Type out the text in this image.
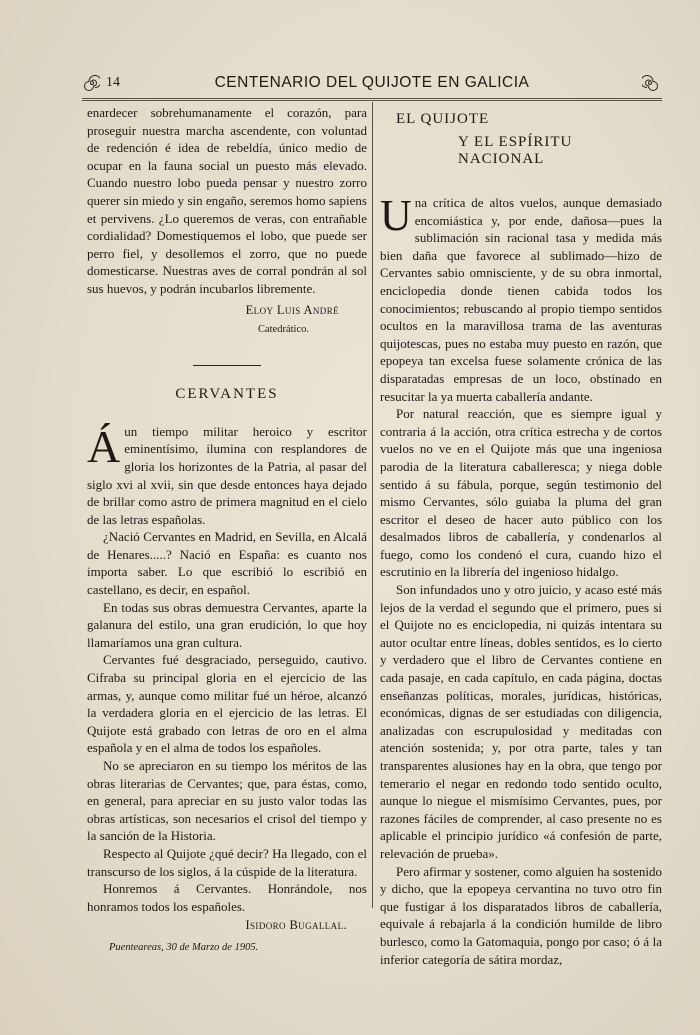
14	CENTENARIO DEL QUIJOTE EN GALICIA

enardecer sobrehumanamente el corazón, para proseguir nuestra marcha ascendente, con voluntad de redención é idea de rebeldía, único medio de ocupar en la fauna social un puesto más elevado. Cuando nuestro lobo pueda pensar y nuestro zorro querer sin miedo y sin engaño, seremos homo sapiens et pervivens. ¿Lo queremos de veras, con entrañable cordialidad? Domestiquemos el lobo, que puede ser perro fiel, y desollemos el zorro, que no puede domesticarse. Nuestras aves de corral pondrán al sol sus huevos, y podrán incubarlos libremente.

Eloy Luis André

Catedrático.

CERVANTES
Á un tiempo militar heroico y escritor eminentísimo, ilumina con resplandores de gloria los horizontes de la Patria, al pasar del siglo xvi al xvii, sin que desde entonces haya dejado de brillar como astro de primera magnitud en el cielo de las letras españolas.

¿Nació Cervantes en Madrid, en Sevilla, en Alcalá de Henares.....? Nació en España: es cuanto nos importa saber. Lo que escribió lo escribió en castellano, es decir, en español.

En todas sus obras demuestra Cervantes, aparte la galanura del estilo, una gran erudición, lo que hoy llamaríamos una gran cultura.

Cervantes fué desgraciado, perseguido, cautivo. Cifraba su principal gloria en el ejercicio de las armas, y, aunque como militar fué un héroe, alcanzó la verdadera gloria en el ejercicio de las letras. El Quijote está grabado con letras de oro en el alma española y en el alma de todos los españoles.

No se apreciaron en su tiempo los méritos de las obras literarias de Cervantes; que, para éstas, como, en general, para apreciar en su justo valor todas las obras artísticas, son necesarios el crisol del tiempo y la sanción de la Historia.

Respecto al Quijote ¿qué decir? Ha llegado, con el transcurso de los siglos, á la cúspide de la literatura.

Honremos á Cervantes. Honrándole, nos honramos todos los españoles.

Isidoro Bugallal.

Puenteareas, 30 de Marzo de 1905.

EL QUIJOTE
Y EL ESPÍRITU NACIONAL
U na crítica de altos vuelos, aunque demasiado encomiástica y, por ende, dañosa—pues la sublimación sin racional tasa y medida más bien daña que favorece al sublimado—hizo de Cervantes sabio omnisciente, y de su obra inmortal, enciclopedia donde tienen cabida todos los conocimientos; rebuscando al propio tiempo sentidos ocultos en la maravillosa trama de las aventuras quijotescas, pues no estaba muy puesto en razón, que epopeya tan excelsa fuese solamente crónica de las disparatadas empresas de un loco, obstinado en resucitar la ya muerta caballería andante.

Por natural reacción, que es siempre igual y contraria á la acción, otra crítica estrecha y de cortos vuelos no ve en el Quijote más que una ingeniosa parodia de la literatura caballeresca; y niega doble sentido á su fábula, porque, según testimonio del mismo Cervantes, sólo guiaba la pluma del gran escritor el deseo de hacer auto público con los desalmados libros de caballería, y condenarlos al fuego, como los condenó el cura, cuando hizo el escrutinio en la librería del ingenioso hidalgo.

Son infundados uno y otro juicio, y acaso esté más lejos de la verdad el segundo que el primero, pues si el Quijote no es enciclopedia, ni quizás intentara su autor ocultar entre líneas, dobles sentidos, es lo cierto y verdadero que el libro de Cervantes contiene en cada pasaje, en cada capítulo, en cada página, doctas enseñanzas políticas, morales, jurídicas, históricas, económicas, dignas de ser estudiadas con diligencia, analizadas con escrupulosidad y meditadas con atención sostenida; y, por otra parte, tales y tan transparentes alusiones hay en la obra, que tengo por temerario el negar en redondo todo sentido oculto, aunque lo niegue el mismísimo Cervantes, pues, por razones fáciles de comprender, al caso presente no es aplicable el principio jurídico «á confesión de parte, relevación de prueba».

Pero afirmar y sostener, como alguien ha sostenido y dicho, que la epopeya cervantina no tuvo otro fin que fustigar á los disparatados libros de caballería, equivale á rebajarla á la condición humilde de libro burlesco, como la Gatomaquia, pongo por caso; ó á la inferior categoría de sátira mordaz,
